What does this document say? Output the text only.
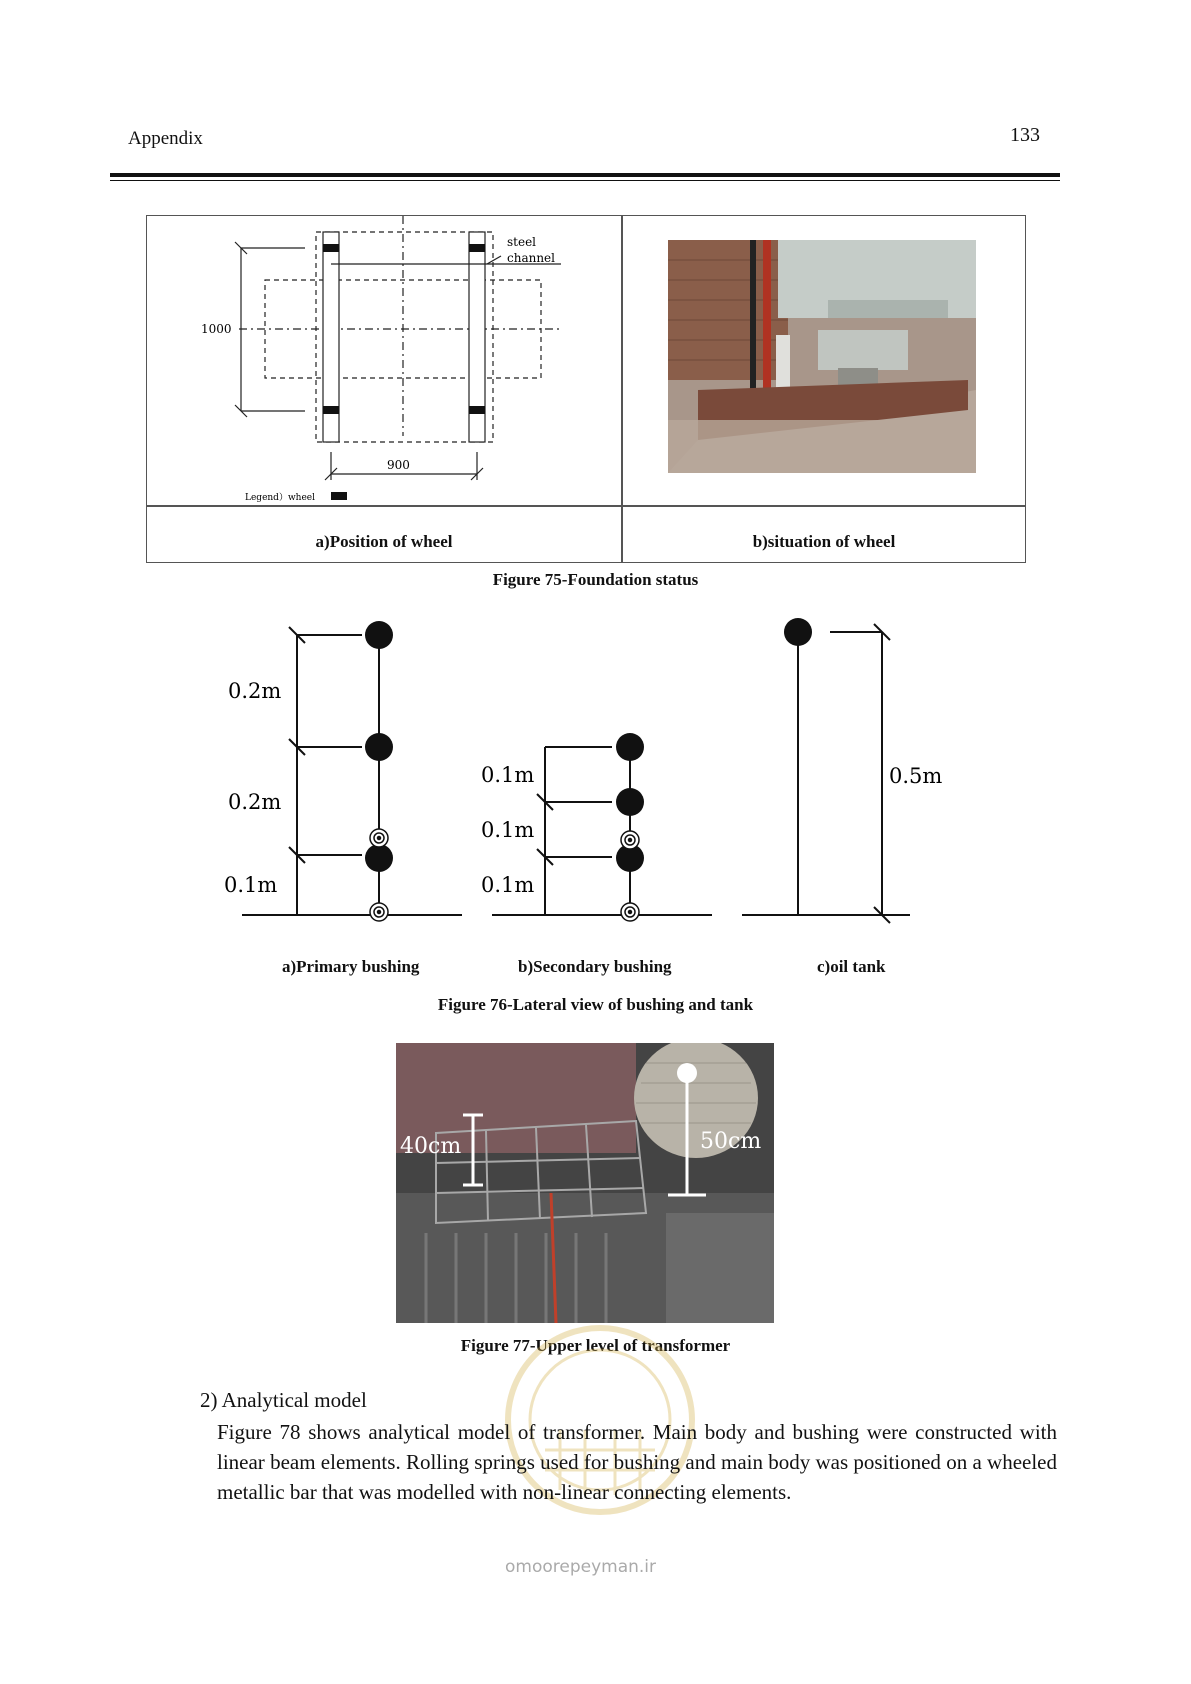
Appendix	133
steel
channel
1000
900
Legend）wheel
a)Position of wheel	b)situation of wheel
Figure 75-Foundation status
0.2m
0.2m
0.1m
0.1m
0.1m
0.1m
0.5m
a)Primary bushing	b)Secondary bushing	c)oil tank
Figure 76-Lateral view of bushing and tank
40cm	50cm
Figure 77-Upper level of transformer
omoorepeyman.ir
2) Analytical model
Figure 78 shows analytical model of transformer. Main body and bushing were constructed with linear beam elements. Rolling springs used for bushing and main body was positioned on a wheeled metallic bar that was modelled with non-linear connecting elements.
